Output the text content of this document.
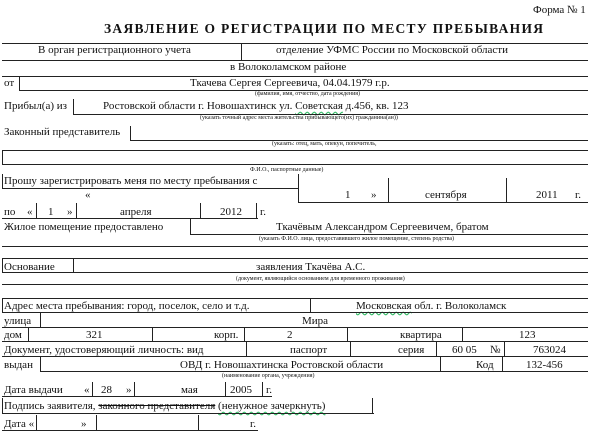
Форма № 1
ЗАЯВЛЕНИЕ О РЕГИСТРАЦИИ ПО МЕСТУ ПРЕБЫВАНИЯ
В орган регистрационного учета	отделение УФМС России по Московской области
в Волоколамском районе
от	Ткачева Сергея Сергеевича, 04.04.1979 г.р.
(фамилия, имя, отчество, дата рождения)
Прибыл(а) из	Ростовской области г. Новошахтинск ул. Советская д.456, кв. 123
(указать точный адрес места жительства прибывающего(их) гражданина(ан))
Законный представитель
(указать: отец, мать, опекун, попечитель,
Ф.И.О., паспортные данные)
Прошу зарегистрировать меня по месту пребывания с
«	1 »	сентября	2011 г.
по « 1 »	апреля	2012 г.
Жилое помещение предоставлено	Ткачёвым Александром Сергеевичем, братом
(указать Ф.И.О. лица, предоставившего жилое помещение, степень родства)
Основание	заявления Ткачёва А.С.
(документ, являющийся основанием для временного проживания)
Адрес места пребывания: город, поселок, село и т.д.	Московская обл. г. Волоколамск
улица	Мира
дом	321	корп.	2	квартира	123
Документ, удостоверяющий личность: вид	паспорт	серия	60 05 №	763024
выдан	ОВД г. Новошахтинска Ростовской области	Код	132-456
(наименование органа, учреждения)
Дата выдачи « 28 »	мая	2005 г.
Подпись заявителя, законного представителя (ненужное зачеркнуть)
Дата «	»	г.
